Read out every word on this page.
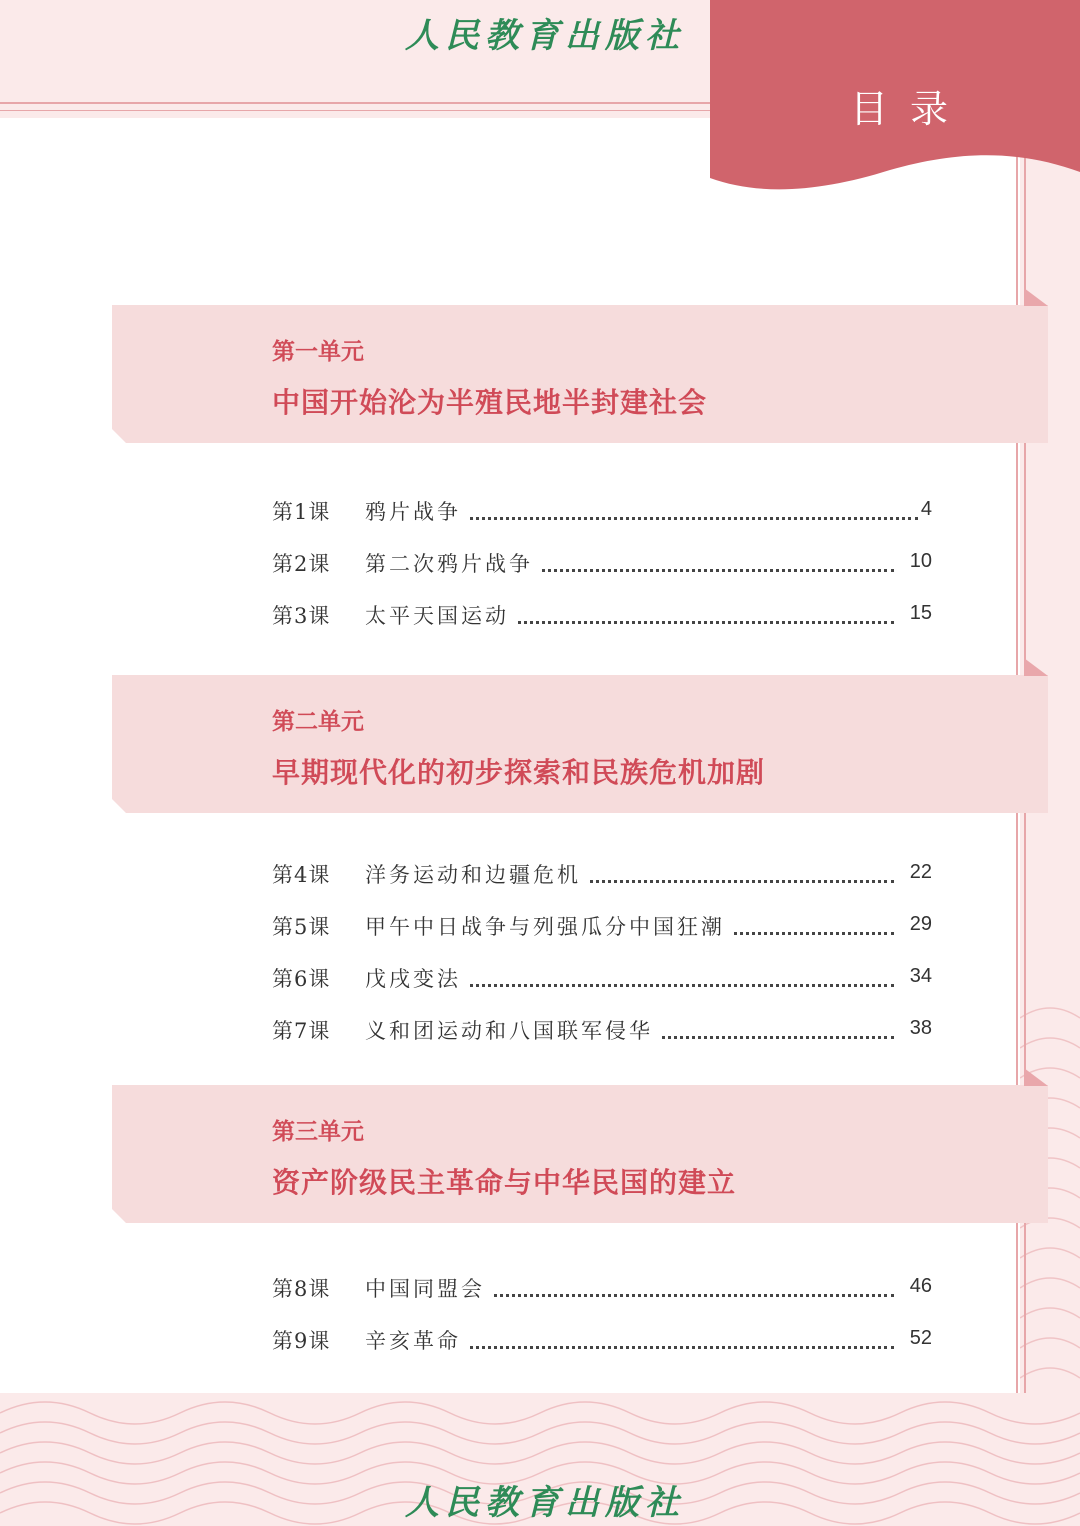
人民教育出版社
目录
人民教育出版社
第一单元
中国开始沦为半殖民地半封建社会
第1课 鸦片战争	4
第2课 第二次鸦片战争	10
第3课 太平天国运动	15
第二单元
早期现代化的初步探索和民族危机加剧
第4课 洋务运动和边疆危机	22
第5课 甲午中日战争与列强瓜分中国狂潮	29
第6课 戊戌变法	34
第7课 义和团运动和八国联军侵华	38
第三单元
资产阶级民主革命与中华民国的建立
第8课 中国同盟会	46
第9课 辛亥革命	52
